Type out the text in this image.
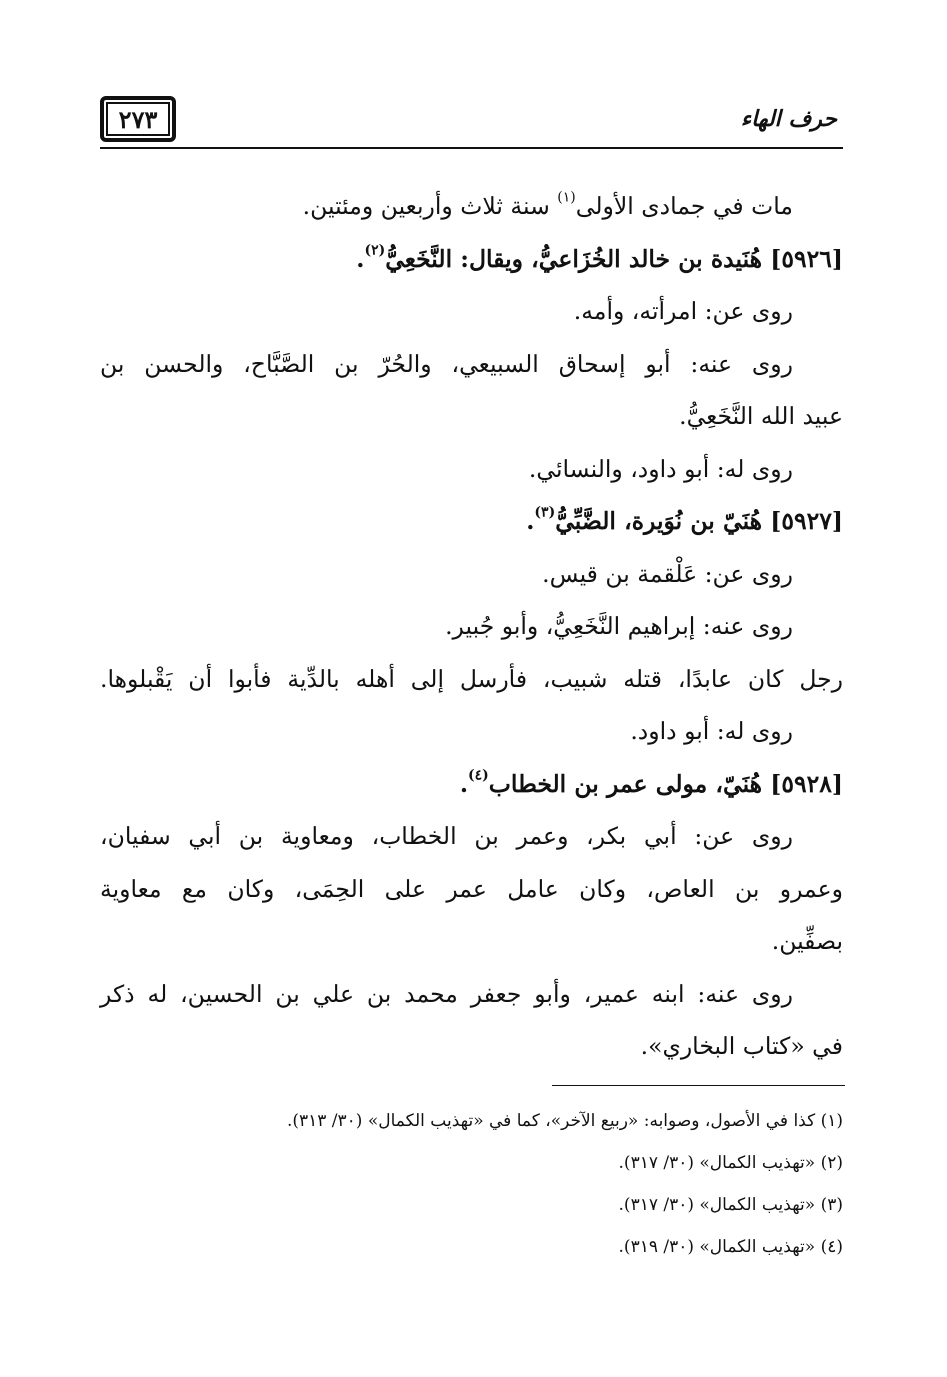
حرف الهاء
٢٧٣
مات في جمادى الأولى$^{(١)}$ سنة ثلاث وأربعين ومئتين.
[٥٩٢٦] هُنَيدة بن خالد الخُزَاعيُّ، ويقال: النَّخَعِيُّ$^{(٢)}$.
روى عن: امرأته، وأمه.
روى عنه: أبو إسحاق السبيعي، والحُرّ بن الصَّبَّاح، والحسن بن
عبيد الله النَّخَعِيُّ.
روى له: أبو داود، والنسائي.
[٥٩٢٧] هُنَيّ بن نُوَيرة، الضَّبِّيُّ$^{(٣)}$.
روى عن: عَلْقمة بن قيس.
روى عنه: إبراهيم النَّخَعِيُّ، وأبو جُبير.
رجل كان عابدًا، قتله شبيب، فأرسل إلى أهله بالدِّية فأبوا أن يَقْبلوها.
روى له: أبو داود.
[٥٩٢٨] هُنَيّ، مولى عمر بن الخطاب$^{(٤)}$.
روى عن: أبي بكر، وعمر بن الخطاب، ومعاوية بن أبي سفيان،
وعمرو بن العاص، وكان عامل عمر على الحِمَى، وكان مع معاوية
بصفِّين.
روى عنه: ابنه عمير، وأبو جعفر محمد بن علي بن الحسين، له ذكر
في «كتاب البخاري».
(١) كذا في الأصول، وصوابه: «ربيع الآخر»، كما في «تهذيب الكمال» (٣٠/ ٣١٣).
(٢) «تهذيب الكمال» (٣٠/ ٣١٧).
(٣) «تهذيب الكمال» (٣٠/ ٣١٧).
(٤) «تهذيب الكمال» (٣٠/ ٣١٩).
